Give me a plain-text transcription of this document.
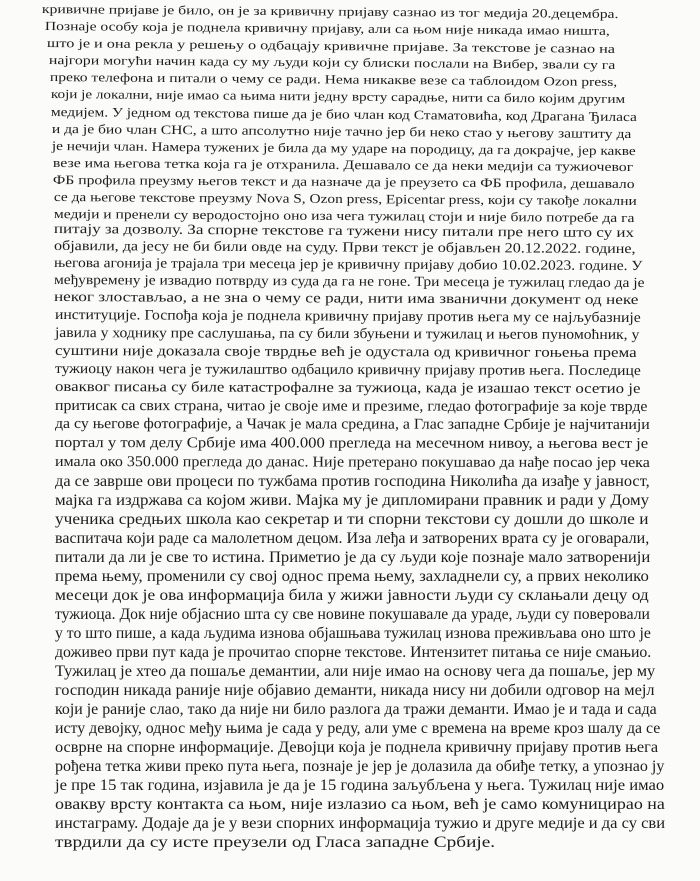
кривичне пријаве је било, он је за кривичну пријаву сазнао из тог медија 20.децембра.
Познаје особу која је поднела кривичну пријаву, али са њом није никада имао ништа,
што је и она рекла у решењу о одбацају кривичне пријаве. За текстове је сазнао на
најгори могући начин када су му људи који су блиски послали на Вибер, звали су га
преко телефона и питали о чему се ради. Нема никакве везе са таблоидом Ozon press,
који је локални, није имао са њима нити једну врсту сарадње, нити са било којим другим
медијем. У једном од текстова пише да је био члан код Стаматовића, код Драгана Ђиласа
и да је био члан СНС, а што апсолутно није тачно јер би неко стао у његову заштиту да
је нечији члан. Намера тужених је била да му ударе на породицу, да га докрајче, јер какве
везе има његова тетка која га је отхранила. Дешавало се да неки медији са тужиочевог
ФБ профила преузму његов текст и да назначе да је преузето са ФБ профила, дешавало
се да његове текстове преузму Nova S, Ozon press, Epicentar press, који су такође локални
медији и пренели су веродостојно оно иза чега тужилац стоји и није било потребе да га
питају за дозволу. За спорне текстове га тужени нису питали пре него што су их
објавили, да јесу не би били овде на суду. Први текст је објављен 20.12.2022. године,
његова агонија је трајала три месеца јер је кривичну пријаву добио 10.02.2023. године. У
међувремену је извадио потврду из суда да га не гоне. Три месеца је тужилац гледао да је
неког злостављао, а не зна о чему се ради, нити има званични документ од неке
институције. Госпођа која је поднела кривичну пријаву против њега му се најљубазније
јавила у ходнику пре саслушања, па су били збуњени и тужилац и његов пуномоћник, у
суштини није доказала своје тврдње већ је одустала од кривичног гоњења према
тужиоцу након чега је тужилаштво одбацило кривичну пријаву против њега. Последице
оваквог писања су биле катастрофалне за тужиоца, када је изашао текст осетио је
притисак са свих страна, читао је своје име и презиме, гледао фотографије за које тврде
да су његове фотографије, а Чачак је мала средина, а Глас западне Србије је најчитанији
портал у том делу Србије има 400.000 прегледа на месечном нивоу, а његова вест је
имала око 350.000 прегледа до данас. Није претерано покушавао да нађе посао јер чека
да се заврше ови процеси по тужбама против господина Николића да изађе у јавност,
мајка га издржава са којом живи. Мајка му је дипломирани правник и ради у Дому
ученика средњих школа као секретар и ти спорни текстови су дошли до школе и
васпитача који раде са малолетном децом. Иза леђа и затворених врата су је оговарали,
питали да ли је све то истина. Приметио је да су људи које познаје мало затворенији
према њему, променили су свој однос према њему, захладнели су, а првих неколико
месеци док је ова информација била у жижи јавности људи су склањали децу од
тужиоца. Док није објаснио шта су све новине покушавале да ураде, људи су поверовали
у то што пише, а када људима изнова објашњава тужилац изнова преживљава оно што је
доживео први пут када је прочитао спорне текстове. Интензитет питања се није смањио.
Тужилац је хтео да пошаље демантии, али није имао на основу чега да пошаље, јер му
господин никада раније није објавио деманти, никада нису ни добили одговор на мејл
који је раније слао, тако да није ни било разлога да тражи деманти. Имао је и тада и сада
исту девојку, однос међу њима је сада у реду, али уме с времена на време кроз шалу да се
осврне на спорне информације. Девојци која је поднела кривичну пријаву против њега
рођена тетка живи преко пута њега, познаје је јер је долазила да обиђе тетку, а упознао ју
је пре 15 так година, изјавила је да је 15 година заљубљена у њега. Тужилац није имао
овакву врсту контакта са њом, није излазио са њом, већ је само комуницирао на
инстаграму. Додаје да је у вези спорних информација тужио и друге медије и да су сви
тврдили да су исте преузели од Гласа западне Србије.
